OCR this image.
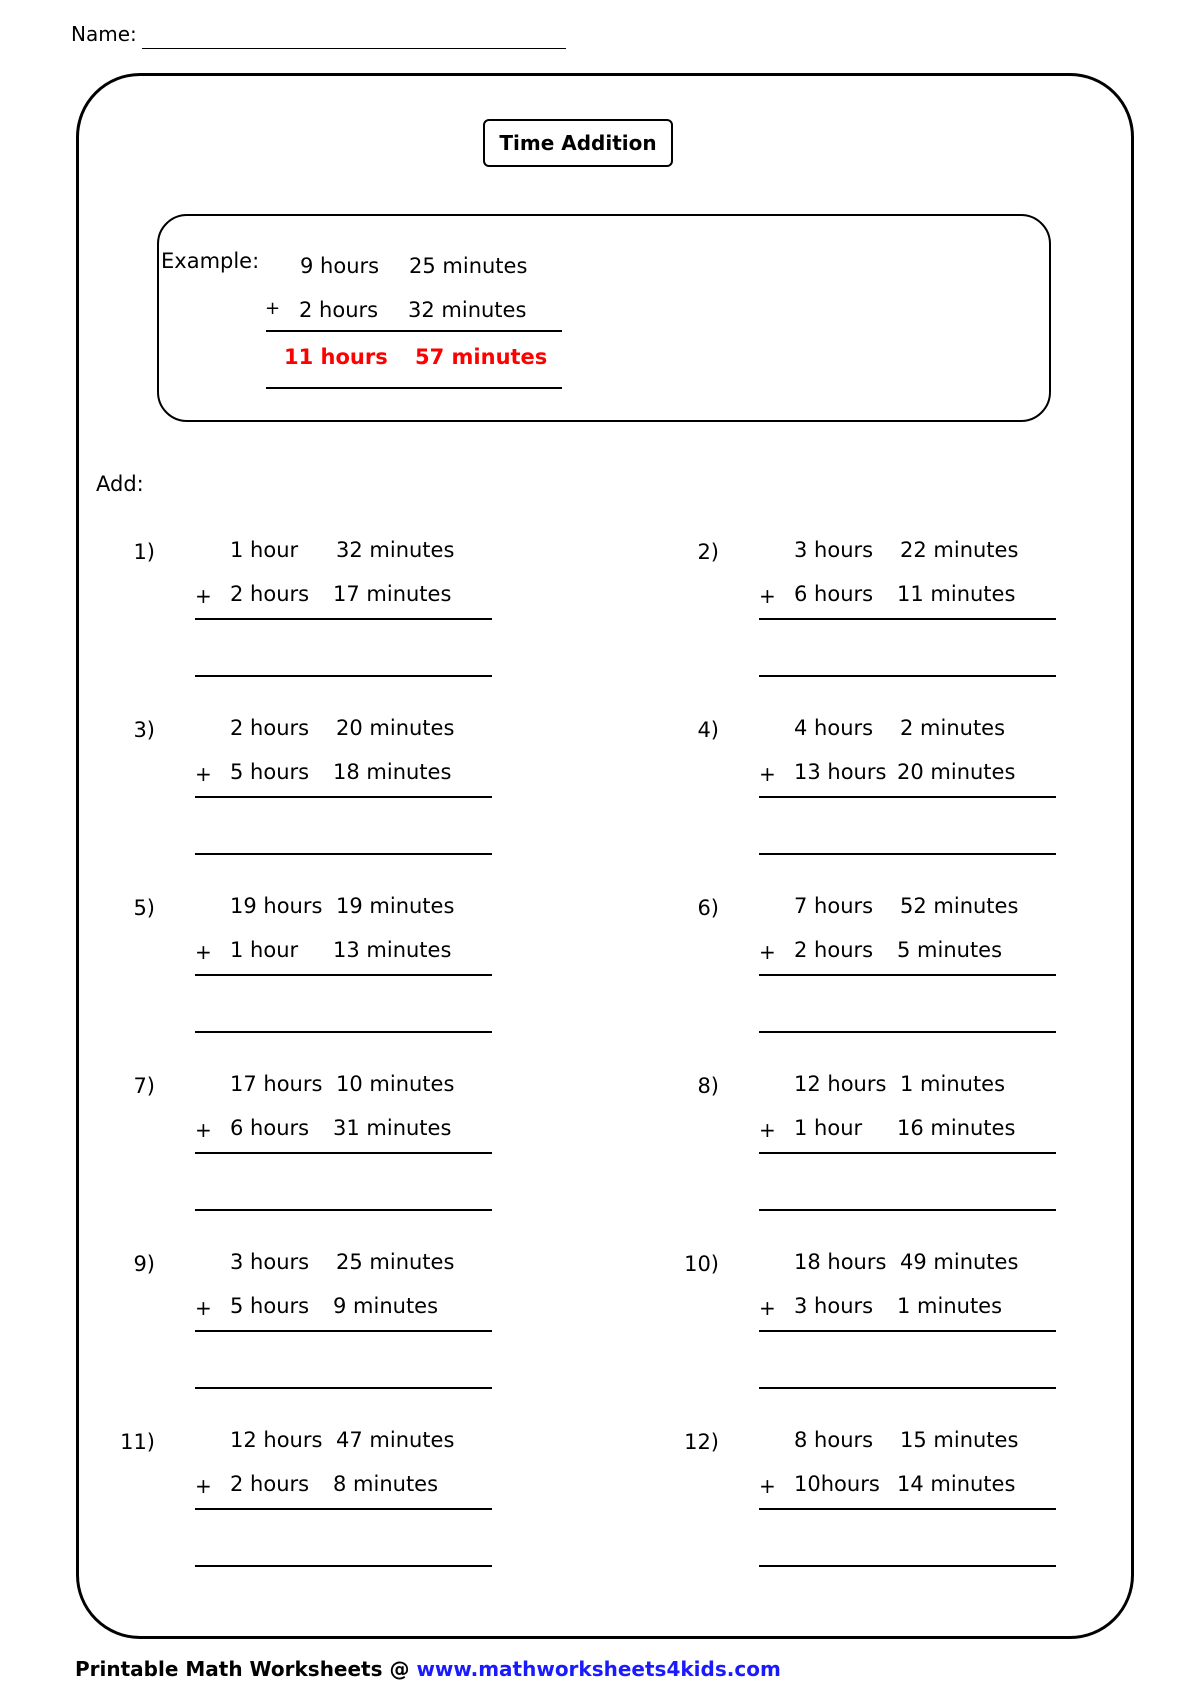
Name:
Time Addition
Example: 9 hours 25 minutes
+ 2 hours 32 minutes
11 hours 57 minutes
Add:
1)	1 hour 32 minutes
+ 2 hours 17 minutes
2)	3 hours 22 minutes
+ 6 hours 11 minutes
3)	2 hours 20 minutes
+ 5 hours 18 minutes
4)	4 hours 2 minutes
+ 13 hours 20 minutes
5)	19 hours 19 minutes
+ 1 hour 13 minutes
6)	7 hours 52 minutes
+ 2 hours 5 minutes
7)	17 hours 10 minutes
+ 6 hours 31 minutes
8)	12 hours 1 minutes
+ 1 hour 16 minutes
9)	3 hours 25 minutes
+ 5 hours 9 minutes
10)	18 hours 49 minutes
+ 3 hours 1 minutes
11)	12 hours 47 minutes
+ 2 hours 8 minutes
12)	8 hours 15 minutes
+ 10hours 14 minutes
Printable Math Worksheets @ www.mathworksheets4kids.com
